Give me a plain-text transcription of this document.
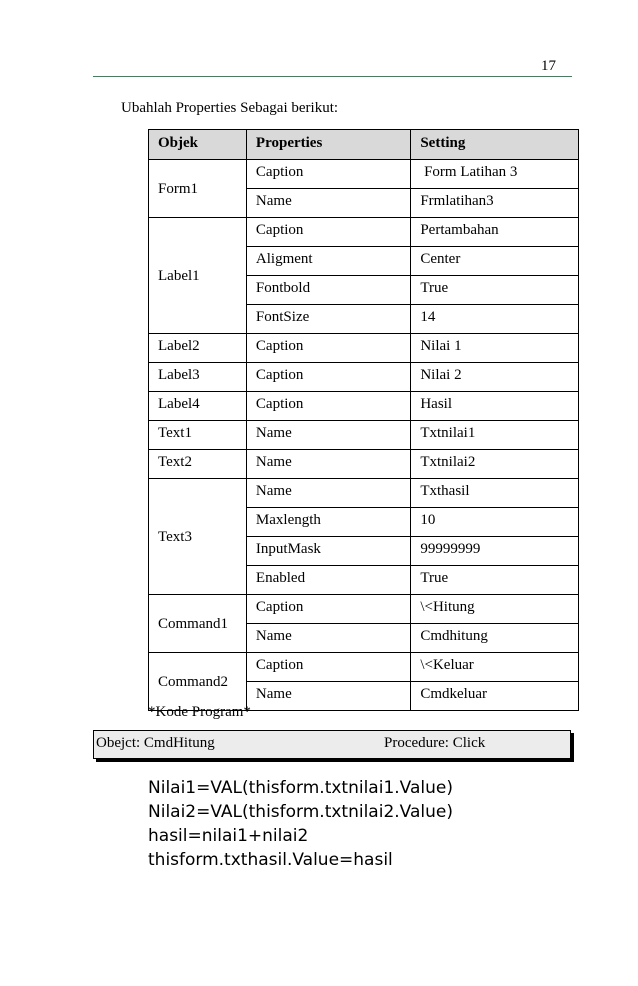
17
Ubahlah Properties Sebagai berikut:
Objek	Properties	Setting
Form1	Caption	Form Latihan 3
	Name	Frmlatihan3
Label1	Caption	Pertambahan
	Aligment	Center
	Fontbold	True
	FontSize	14
Label2	Caption	Nilai 1
Label3	Caption	Nilai 2
Label4	Caption	Hasil
Text1	Name	Txtnilai1
Text2	Name	Txtnilai2
Text3	Name	Txthasil
	Maxlength	10
	InputMask	99999999
	Enabled	True
Command1	Caption	\<Hitung
	Name	Cmdhitung
Command2	Caption	\<Keluar
	Name	Cmdkeluar
*Kode Program*
Obejct: CmdHitung	Procedure: Click
Nilai1=VAL(thisform.txtnilai1.Value)
Nilai2=VAL(thisform.txtnilai2.Value)
hasil=nilai1+nilai2
thisform.txthasil.Value=hasil
